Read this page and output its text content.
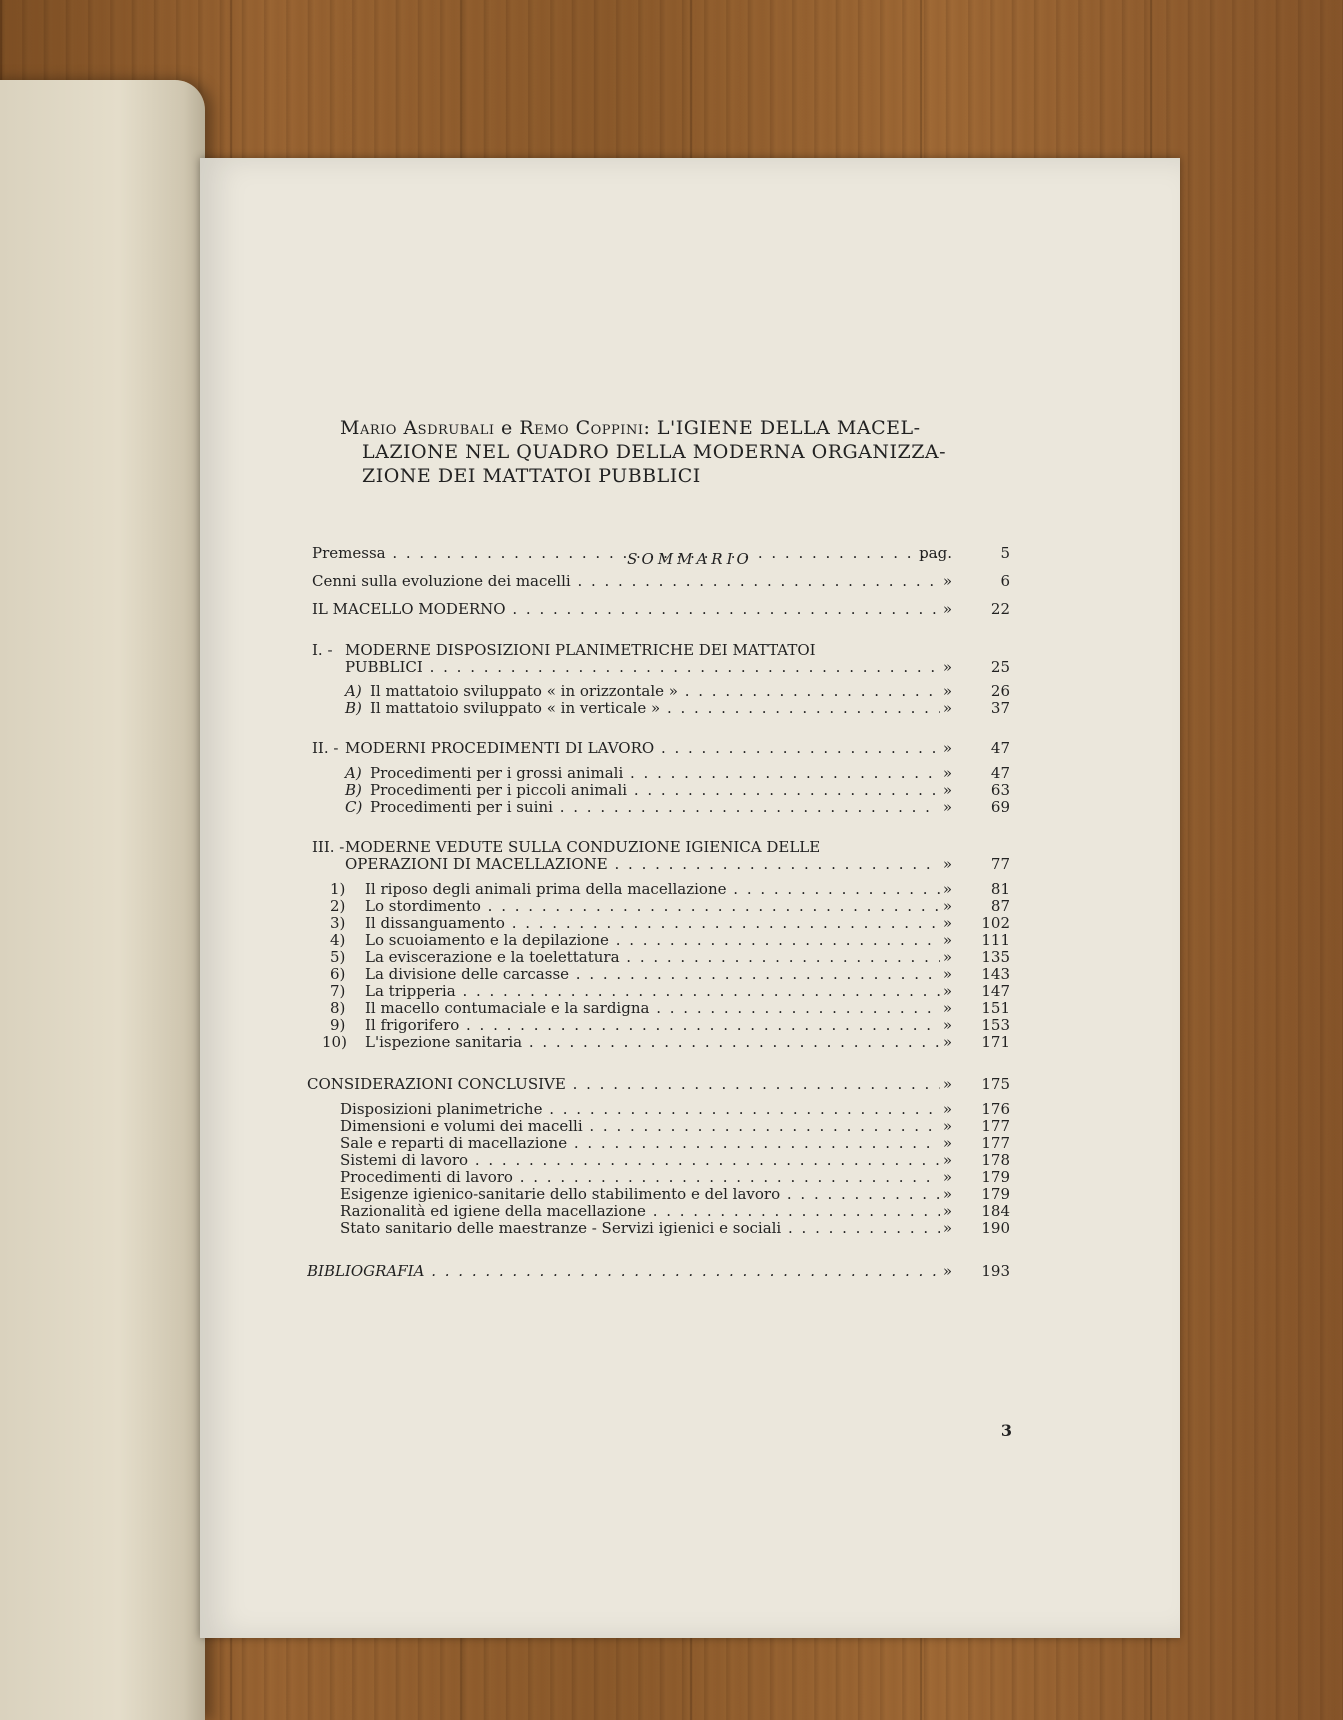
Mario Asdrubali e Remo Coppini: L'IGIENE DELLA MACEL-
LAZIONE NEL QUADRO DELLA MODERNA ORGANIZZA-
ZIONE DEI MATTATOI PUBBLICI
SOMMARIO
Premessa . .	pag.	5
Cenni sulla evoluzione dei macelli . .	»	6
IL MACELLO MODERNO . .	»	22
I. - MODERNE DISPOSIZIONI PLANIMETRICHE DEI MATTATOI
PUBBLICI . .	»	25
A) Il mattatoio sviluppato « in orizzontale » . .	»	26
B) Il mattatoio sviluppato « in verticale » . .	»	37
II. - MODERNI PROCEDIMENTI DI LAVORO . .	»	47
A) Procedimenti per i grossi animali . .	»	47
B) Procedimenti per i piccoli animali . .	»	63
C) Procedimenti per i suini . .	»	69
III. - MODERNE VEDUTE SULLA CONDUZIONE IGIENICA DELLE
OPERAZIONI DI MACELLAZIONE . .	»	77
1) Il riposo degli animali prima della macellazione . .	»	81
2) Lo stordimento . .	»	87
3) Il dissanguamento . .	»	102
4) Lo scuoiamento e la depilazione . .	»	111
5) La eviscerazione e la toelettatura . .	»	135
6) La divisione delle carcasse . .	»	143
7) La tripperia . .	»	147
8) Il macello contumaciale e la sardigna . .	»	151
9) Il frigorifero . .	»	153
10) L'ispezione sanitaria . .	»	171
CONSIDERAZIONI CONCLUSIVE . .	»	175
Disposizioni planimetriche . .	»	176
Dimensioni e volumi dei macelli . .	»	177
Sale e reparti di macellazione . .	»	177
Sistemi di lavoro . .	»	178
Procedimenti di lavoro . .	»	179
Esigenze igienico-sanitarie dello stabilimento e del lavoro . .	»	179
Razionalità ed igiene della macellazione . .	»	184
Stato sanitario delle maestranze - Servizi igienici e sociali . .	»	190
BIBLIOGRAFIA . .	»	193
3
